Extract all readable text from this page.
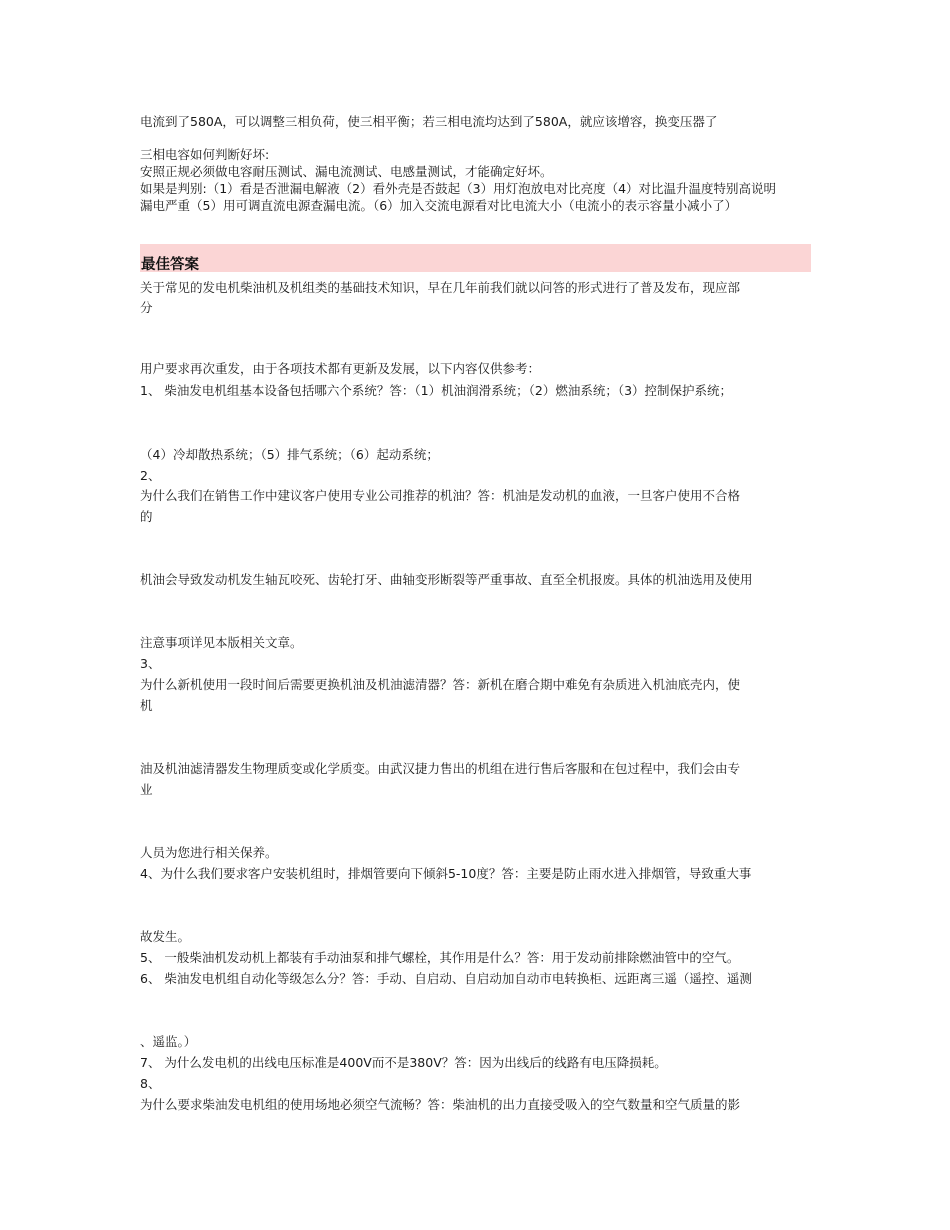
电流到了580A，可以调整三相负荷，使三相平衡；若三相电流均达到了580A，就应该增容，换变压器了
三相电容如何判断好坏:
安照正规必须做电容耐压测试、漏电流测试、电感量测试，才能确定好坏。
如果是判别:（1）看是否泄漏电解液（2）看外壳是否鼓起（3）用灯泡放电对比亮度（4）对比温升温度特别高说明
漏电严重（5）用可调直流电源查漏电流。（6）加入交流电源看对比电流大小（电流小的表示容量小减小了）
最佳答案
关于常见的发电机柴油机及机组类的基础技术知识，早在几年前我们就以问答的形式进行了普及发布，现应部
分
用户要求再次重发，由于各项技术都有更新及发展，以下内容仅供参考：
1、 柴油发电机组基本设备包括哪六个系统？答：（1）机油润滑系统；（2）燃油系统；（3）控制保护系统；
（4）冷却散热系统；（5）排气系统；（6）起动系统；
2、
为什么我们在销售工作中建议客户使用专业公司推荐的机油？答：机油是发动机的血液，一旦客户使用不合格
的
机油会导致发动机发生轴瓦咬死、齿轮打牙、曲轴变形断裂等严重事故、直至全机报废。具体的机油选用及使用
注意事项详见本版相关文章。
3、
为什么新机使用一段时间后需要更换机油及机油滤清器？答：新机在磨合期中难免有杂质进入机油底壳内，使
机
油及机油滤清器发生物理质变或化学质变。由武汉捷力售出的机组在进行售后客服和在包过程中，我们会由专
业
人员为您进行相关保养。
4、为什么我们要求客户安装机组时，排烟管要向下倾斜5-10度？答：主要是防止雨水进入排烟管，导致重大事
故发生。
5、 一般柴油机发动机上都装有手动油泵和排气螺栓，其作用是什么？答：用于发动前排除燃油管中的空气。
6、 柴油发电机组自动化等级怎么分？答：手动、自启动、自启动加自动市电转换柜、远距离三遥（遥控、遥测
、遥监。）
7、 为什么发电机的出线电压标准是400V而不是380V？答：因为出线后的线路有电压降损耗。
8、
为什么要求柴油发电机组的使用场地必须空气流畅？答：柴油机的出力直接受吸入的空气数量和空气质量的影
